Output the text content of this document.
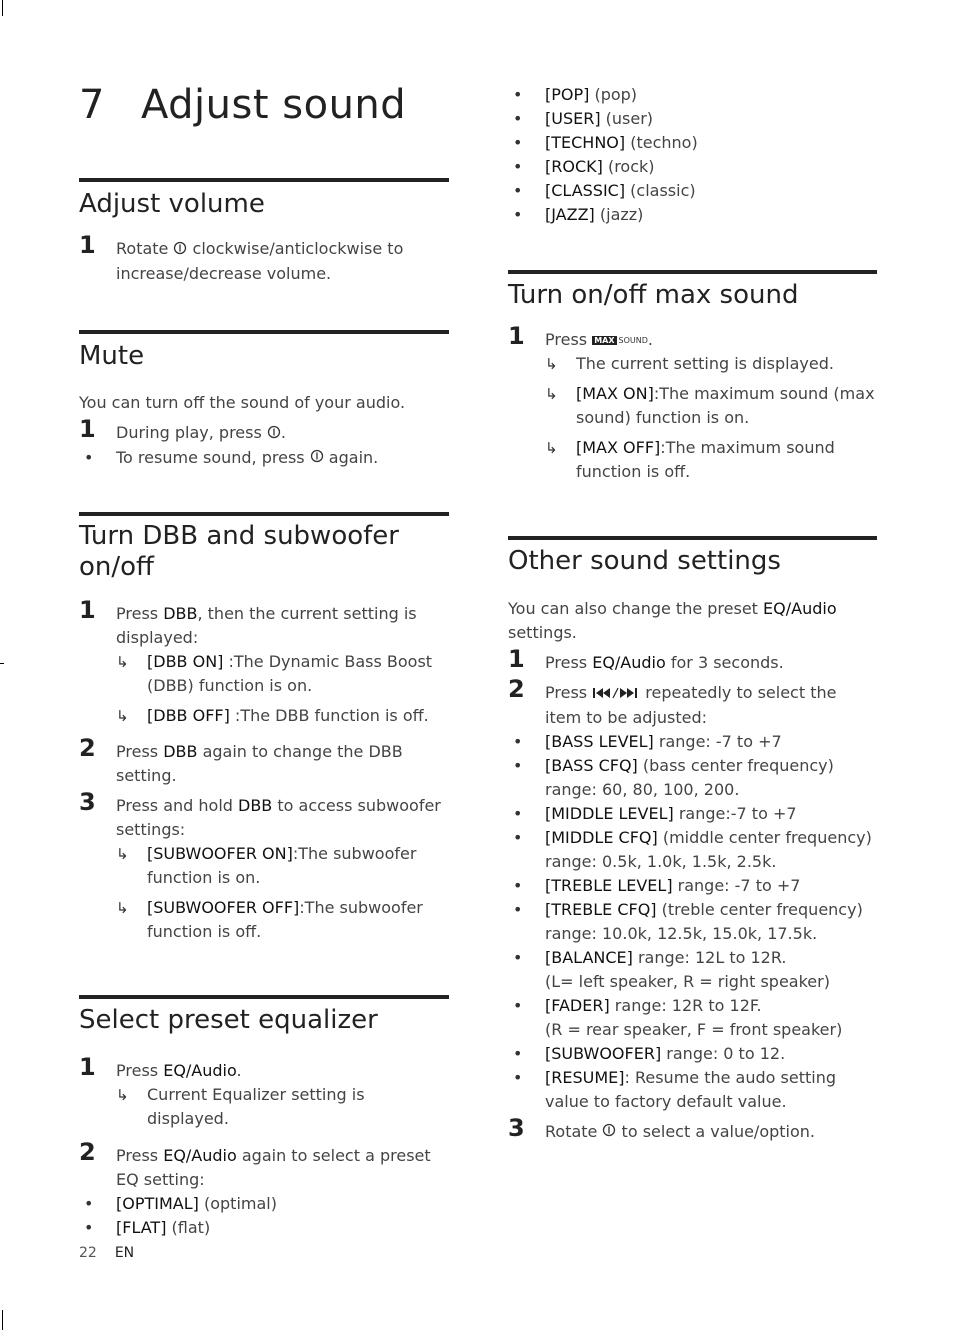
7 Adjust sound
Adjust volume
1 Rotate  clockwise/anticlockwise to increase/decrease volume.
Mute

You can turn off the sound of your audio.

1 During play, press .
• To resume sound, press  again.
Turn DBB and subwoofer on/off
1 Press DBB, then the current setting is displayed:
↳ [DBB ON] :The Dynamic Bass Boost (DBB) function is on.
↳ [DBB OFF] :The DBB function is off.
2 Press DBB again to change the DBB setting.
3 Press and hold DBB to access subwoofer settings:
↳ [SUBWOOFER ON]:The subwoofer function is on.
↳ [SUBWOOFER OFF]:The subwoofer function is off.
Select preset equalizer
1 Press EQ/Audio.
↳ Current Equalizer setting is displayed.
2 Press EQ/Audio again to select a preset EQ setting:
• [OPTIMAL] (optimal)
• [FLAT] (flat)
• [POP] (pop)
• [USER] (user)
• [TECHNO] (techno)
• [ROCK] (rock)
• [CLASSIC] (classic)
• [JAZZ] (jazz)
Turn on/off max sound
1 Press MAX SOUND.
↳ The current setting is displayed.
↳ [MAX ON]:The maximum sound (max sound) function is on.
↳ [MAX OFF]:The maximum sound function is off.
Other sound settings

You can also change the preset EQ/Audio settings.

1 Press EQ/Audio for 3 seconds.
2 Press	repeatedly to select the item to be adjusted:
• [BASS LEVEL] range: -7 to +7
• [BASS CFQ] (bass center frequency) range: 60, 80, 100, 200.
• [MIDDLE LEVEL] range:-7 to +7
• [MIDDLE CFQ] (middle center frequency) range: 0.5k, 1.0k, 1.5k, 2.5k.
• [TREBLE LEVEL] range: -7 to +7
• [TREBLE CFQ] (treble center frequency) range: 10.0k, 12.5k, 15.0k, 17.5k.
• [BALANCE] range: 12L to 12R.
(L= left speaker, R = right speaker)
• [FADER] range: 12R to 12F.
(R = rear speaker, F = front speaker)
• [SUBWOOFER] range: 0 to 12.
• [RESUME]: Resume the audo setting value to factory default value.
3 Rotate  to select a value/option.
22 EN
